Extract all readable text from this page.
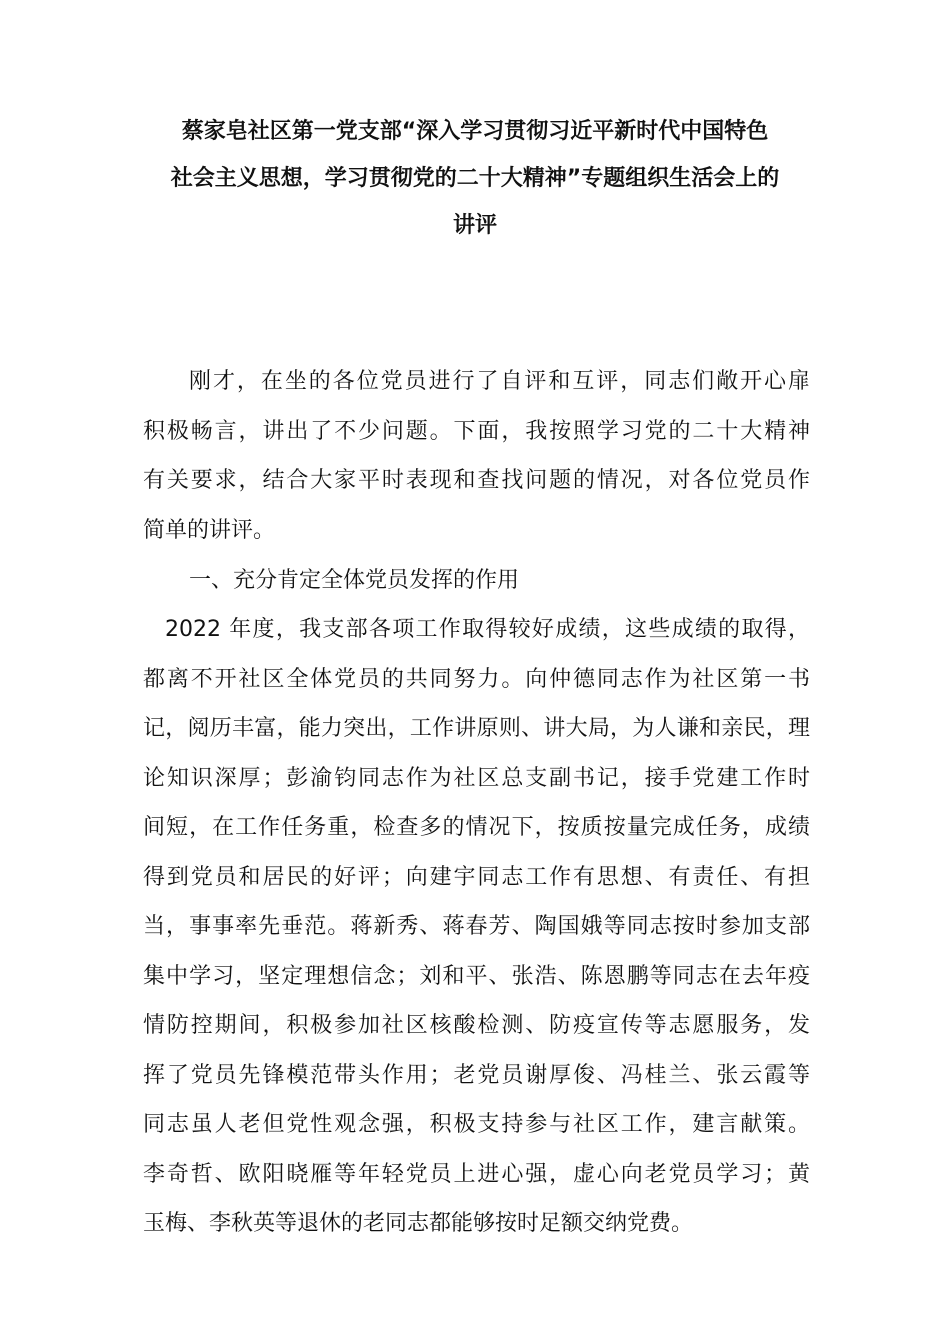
蔡家皂社区第一党支部“深入学习贯彻习近平新时代中国特色
社会主义思想，学习贯彻党的二十大精神”专题组织生活会上的
讲评
刚才，在坐的各位党员进行了自评和互评，同志们敞开心扉
积极畅言，讲出了不少问题。下面，我按照学习党的二十大精神
有关要求，结合大家平时表现和查找问题的情况，对各位党员作
简单的讲评。
一、充分肯定全体党员发挥的作用
2022 年度，我支部各项工作取得较好成绩，这些成绩的取得，
都离不开社区全体党员的共同努力。向仲德同志作为社区第一书
记，阅历丰富，能力突出，工作讲原则、讲大局，为人谦和亲民，理
论知识深厚；彭渝钧同志作为社区总支副书记，接手党建工作时
间短，在工作任务重，检查多的情况下，按质按量完成任务，成绩
得到党员和居民的好评；向建宇同志工作有思想、有责任、有担
当，事事率先垂范。蒋新秀、蒋春芳、陶国娥等同志按时参加支部
集中学习，坚定理想信念；刘和平、张浩、陈恩鹏等同志在去年疫
情防控期间，积极参加社区核酸检测、防疫宣传等志愿服务，发
挥了党员先锋模范带头作用；老党员谢厚俊、冯桂兰、张云霞等
同志虽人老但党性观念强，积极支持参与社区工作，建言献策。
李奇哲、欧阳晓雁等年轻党员上进心强，虚心向老党员学习；黄
玉梅、李秋英等退休的老同志都能够按时足额交纳党费。
